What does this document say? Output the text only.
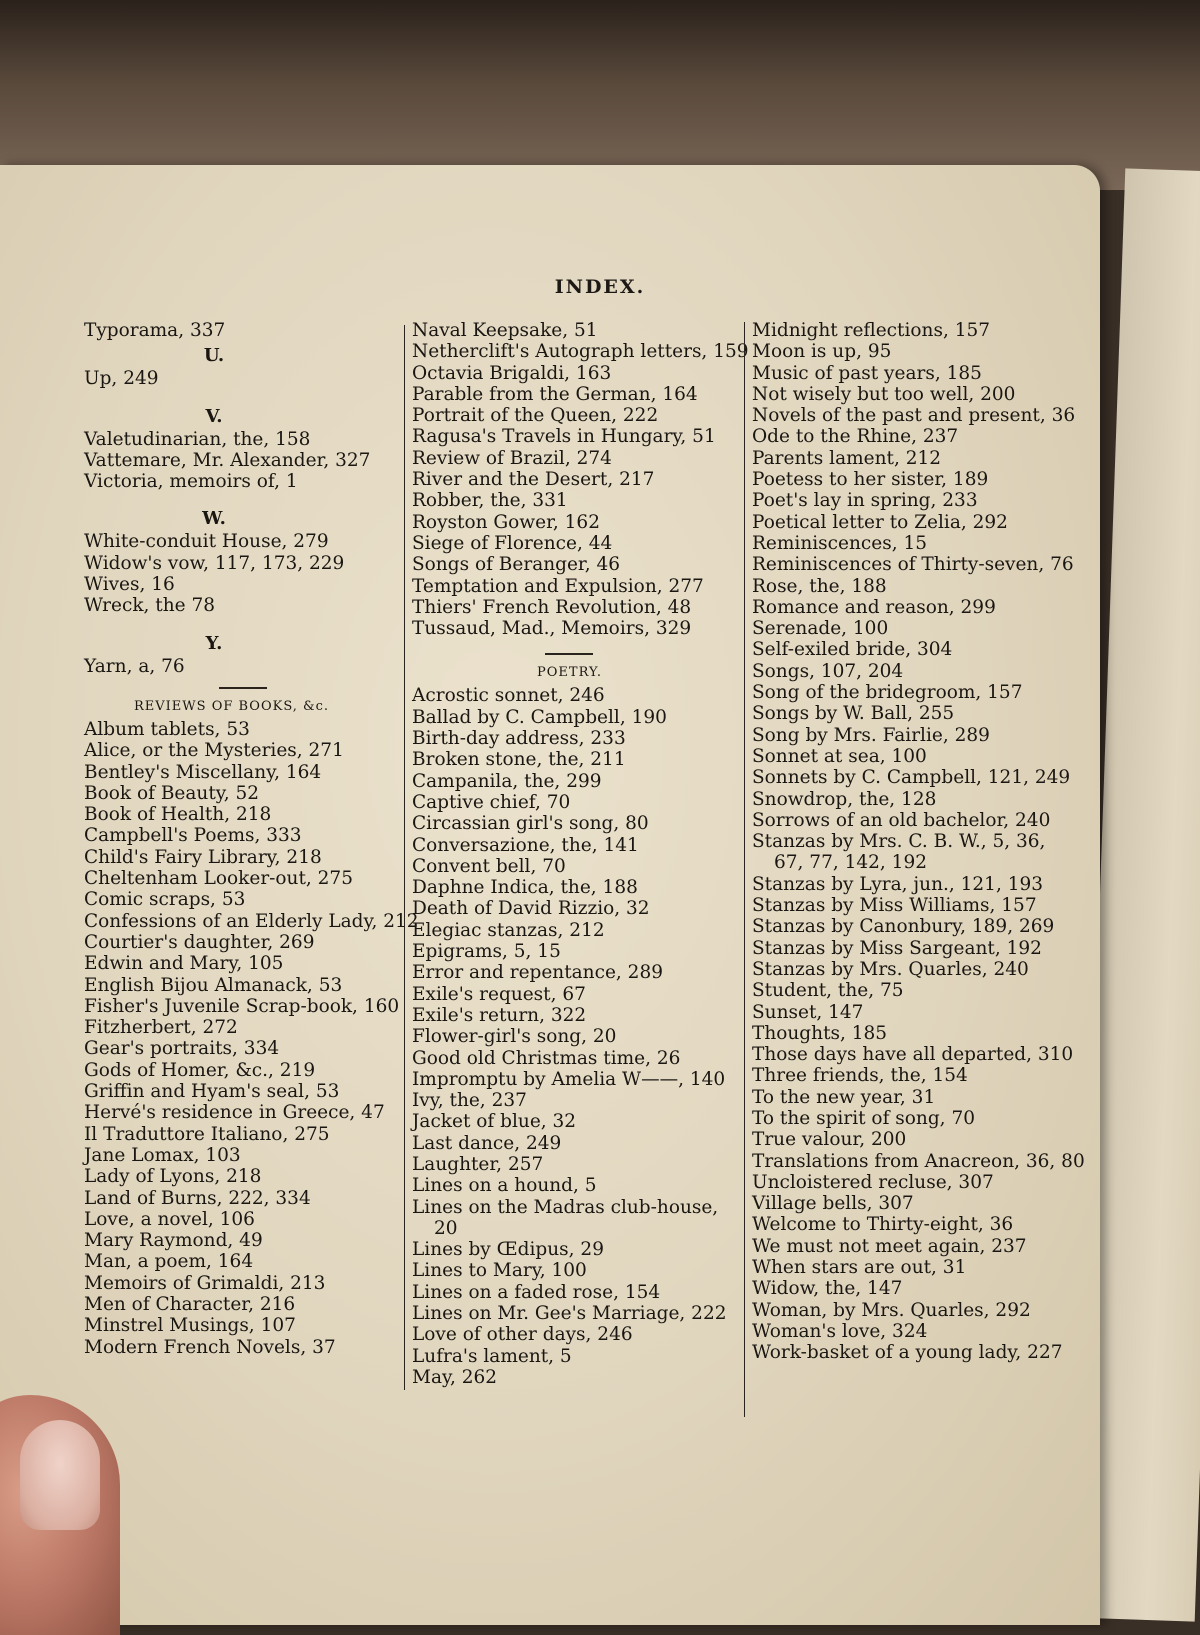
INDEX.
Typorama, 337
U.
Up, 249
V.
Valetudinarian, the, 158
Vattemare, Mr. Alexander, 327
Victoria, memoirs of, 1
W.
White-conduit House, 279
Widow's vow, 117, 173, 229
Wives, 16
Wreck, the 78
Y.
Yarn, a, 76
REVIEWS OF BOOKS, &c.
Album tablets, 53
Alice, or the Mysteries, 271
Bentley's Miscellany, 164
Book of Beauty, 52
Book of Health, 218
Campbell's Poems, 333
Child's Fairy Library, 218
Cheltenham Looker-out, 275
Comic scraps, 53
Confessions of an Elderly Lady, 212
Courtier's daughter, 269
Edwin and Mary, 105
English Bijou Almanack, 53
Fisher's Juvenile Scrap-book, 160
Fitzherbert, 272
Gear's portraits, 334
Gods of Homer, &c., 219
Griffin and Hyam's seal, 53
Hervé's residence in Greece, 47
Il Traduttore Italiano, 275
Jane Lomax, 103
Lady of Lyons, 218
Land of Burns, 222, 334
Love, a novel, 106
Mary Raymond, 49
Man, a poem, 164
Memoirs of Grimaldi, 213
Men of Character, 216
Minstrel Musings, 107
Modern French Novels, 37
Naval Keepsake, 51
Netherclift's Autograph letters, 159
Octavia Brigaldi, 163
Parable from the German, 164
Portrait of the Queen, 222
Ragusa's Travels in Hungary, 51
Review of Brazil, 274
River and the Desert, 217
Robber, the, 331
Royston Gower, 162
Siege of Florence, 44
Songs of Beranger, 46
Temptation and Expulsion, 277
Thiers' French Revolution, 48
Tussaud, Mad., Memoirs, 329
POETRY.
Acrostic sonnet, 246
Ballad by C. Campbell, 190
Birth-day address, 233
Broken stone, the, 211
Campanila, the, 299
Captive chief, 70
Circassian girl's song, 80
Conversazione, the, 141
Convent bell, 70
Daphne Indica, the, 188
Death of David Rizzio, 32
Elegiac stanzas, 212
Epigrams, 5, 15
Error and repentance, 289
Exile's request, 67
Exile's return, 322
Flower-girl's song, 20
Good old Christmas time, 26
Impromptu by Amelia W——, 140
Ivy, the, 237
Jacket of blue, 32
Last dance, 249
Laughter, 257
Lines on a hound, 5
Lines on the Madras club-house,
20
Lines by Œdipus, 29
Lines to Mary, 100
Lines on a faded rose, 154
Lines on Mr. Gee's Marriage, 222
Love of other days, 246
Lufra's lament, 5
May, 262
Midnight reflections, 157
Moon is up, 95
Music of past years, 185
Not wisely but too well, 200
Novels of the past and present, 36
Ode to the Rhine, 237
Parents lament, 212
Poetess to her sister, 189
Poet's lay in spring, 233
Poetical letter to Zelia, 292
Reminiscences, 15
Reminiscences of Thirty-seven, 76
Rose, the, 188
Romance and reason, 299
Serenade, 100
Self-exiled bride, 304
Songs, 107, 204
Song of the bridegroom, 157
Songs by W. Ball, 255
Song by Mrs. Fairlie, 289
Sonnet at sea, 100
Sonnets by C. Campbell, 121, 249
Snowdrop, the, 128
Sorrows of an old bachelor, 240
Stanzas by Mrs. C. B. W., 5, 36,
67, 77, 142, 192
Stanzas by Lyra, jun., 121, 193
Stanzas by Miss Williams, 157
Stanzas by Canonbury, 189, 269
Stanzas by Miss Sargeant, 192
Stanzas by Mrs. Quarles, 240
Student, the, 75
Sunset, 147
Thoughts, 185
Those days have all departed, 310
Three friends, the, 154
To the new year, 31
To the spirit of song, 70
True valour, 200
Translations from Anacreon, 36, 80
Uncloistered recluse, 307
Village bells, 307
Welcome to Thirty-eight, 36
We must not meet again, 237
When stars are out, 31
Widow, the, 147
Woman, by Mrs. Quarles, 292
Woman's love, 324
Work-basket of a young lady, 227
